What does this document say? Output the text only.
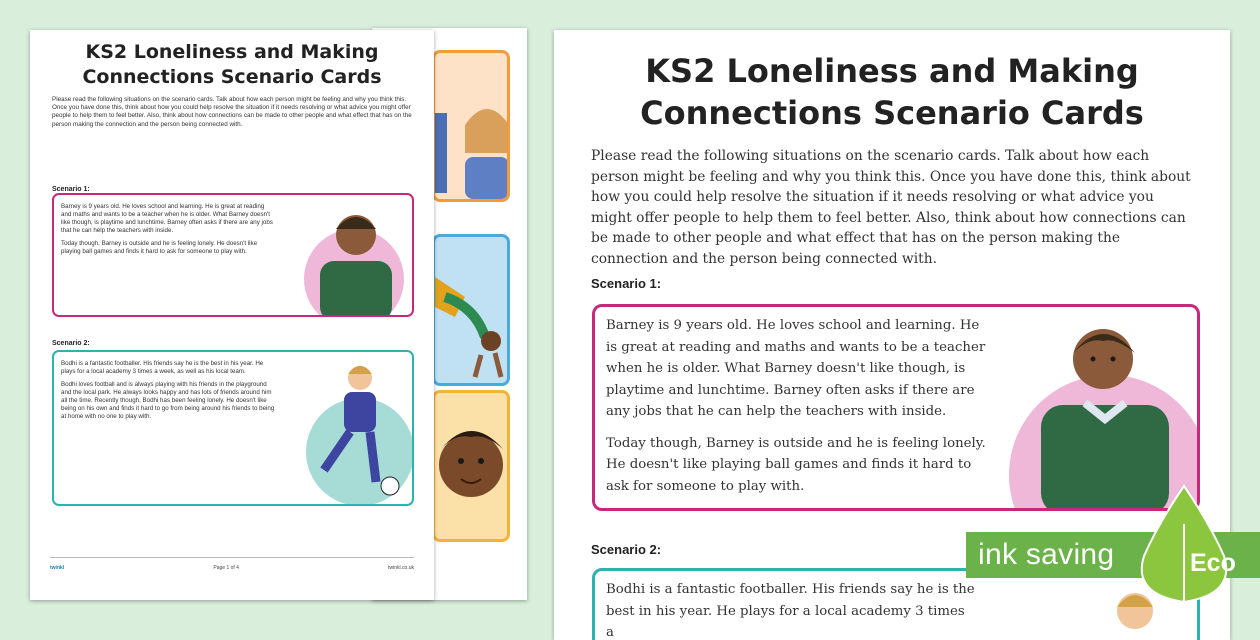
KS2 Loneliness and Making Connections Scenario Cards
Please read the following situations on the scenario cards. Talk about how each person might be feeling and why you think this. Once you have done this, think about how you could help resolve the situation if it needs resolving or what advice you might offer people to help them to feel better. Also, think about how connections can be made to other people and what effect that has on the person making the connection and the person being connected with.
Scenario 1:

Barney is 9 years old. He loves school and learning. He is great at reading and maths and wants to be a teacher when he is older. What Barney doesn't like though, is playtime and lunchtime. Barney often asks if there are any jobs that he can help the teachers with inside.

Today though, Barney is outside and he is feeling lonely. He doesn't like playing ball games and finds it hard to ask for someone to play with.

Scenario 2:

Bodhi is a fantastic footballer. His friends say he is the best in his year. He plays for a local academy 3 times a week, as well as his local team.

Bodhi loves football and is always playing with his friends in the playground and the local park. He always looks happy and has lots of friends around him all the time. Recently though, Bodhi has been feeling lonely. He doesn't like being on his own and finds it hard to go from being around his friends to being at home with no one to play with.

twinkl	Page 1 of 4	twinkl.co.uk
KS2 Loneliness and Making Connections Scenario Cards
Please read the following situations on the scenario cards. Talk about how each person might be feeling and why you think this. Once you have done this, think about how you could help resolve the situation if it needs resolving or what advice you might offer people to help them to feel better. Also, think about how connections can be made to other people and what effect that has on the person making the connection and the person being connected with.
Scenario 1:

Barney is 9 years old. He loves school and learning. He is great at reading and maths and wants to be a teacher when he is older. What Barney doesn't like though, is playtime and lunchtime. Barney often asks if there are any jobs that he can help the teachers with inside.

Today though, Barney is outside and he is feeling lonely. He doesn't like playing ball games and finds it hard to ask for someone to play with.

Scenario 2:

Bodhi is a fantastic footballer. His friends say he is the best in his year. He plays for a local academy 3 times a

ink saving	Eco
